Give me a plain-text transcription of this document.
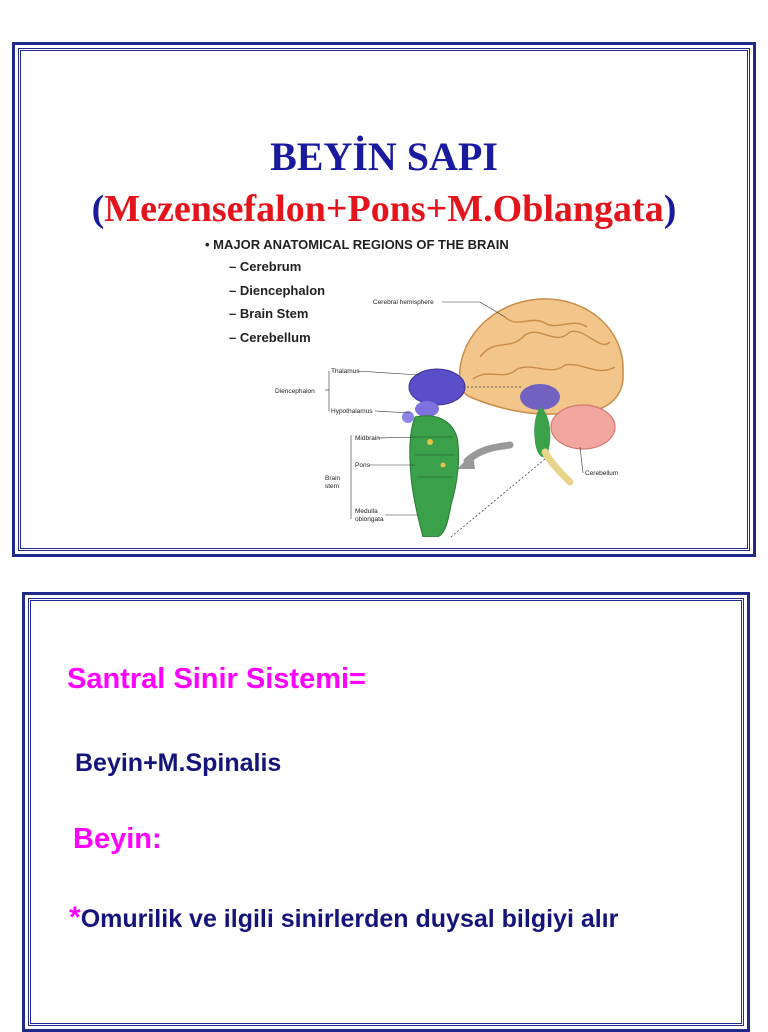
BEYİN SAPI
(Mezensefalon+Pons+M.Oblangata)
Cerebral hemisphere
Thalamus
Diencephalon
Hypothalamus
Midbrain
Pons
Brain
stem
Medulla
oblongata
Cerebellum

• MAJOR ANATOMICAL REGIONS OF THE BRAIN

– Cerebrum
– Diencephalon
– Brain Stem
– Cerebellum

Santral Sinir Sistemi=

Beyin+M.Spinalis

Beyin:

*Omurilik ve ilgili sinirlerden duysal bilgiyi alır
